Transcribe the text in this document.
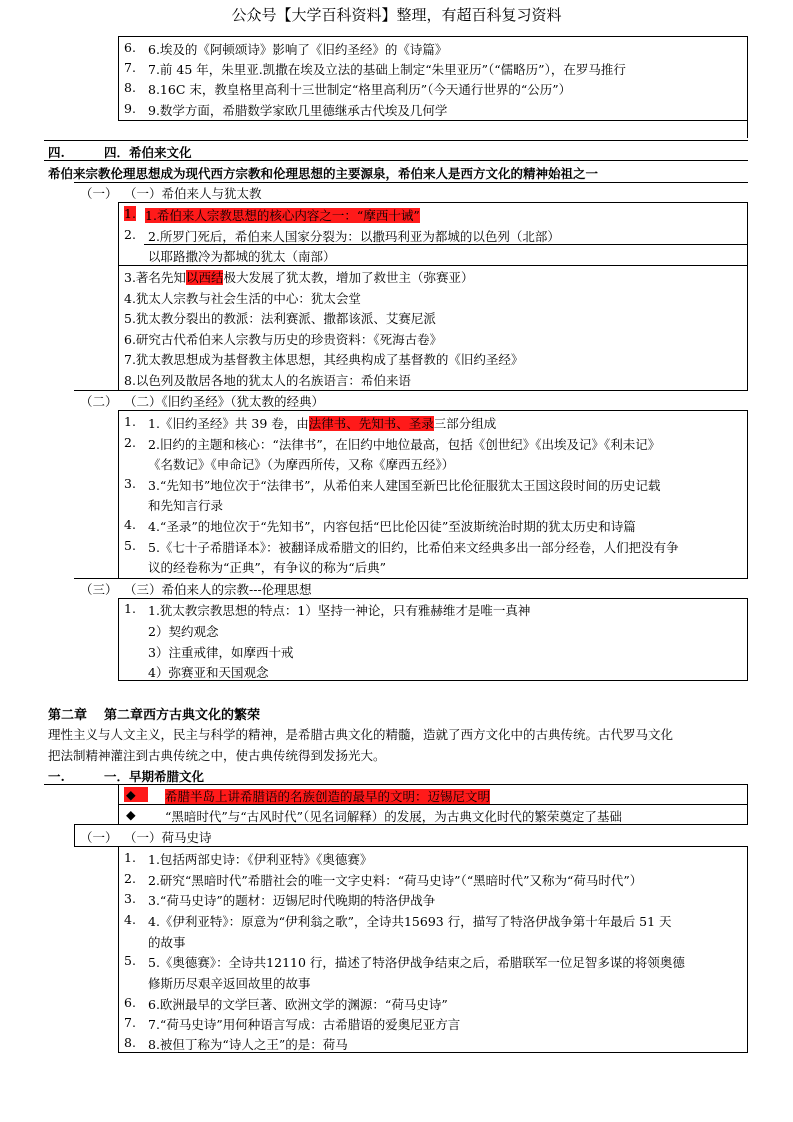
公众号【大学百科资料】整理，有超百科复习资料
6. 6.埃及的《阿顿颂诗》影响了《旧约圣经》的《诗篇》
7. 7.前 45 年，朱里亚.凯撒在埃及立法的基础上制定“朱里亚历”（“儒略历”），在罗马推行
8. 8.16C 末，教皇格里高利十三世制定“格里高利历”（今天通行世界的“公历”）
9. 9.数学方面，希腊数学家欧几里德继承古代埃及几何学
四.	四．希伯来文化
希伯来宗教伦理思想成为现代西方宗教和伦理思想的主要源泉，希伯来人是西方文化的精神始祖之一
（一） （一）希伯来人与犹太教
1. 1.希伯来人宗教思想的核心内容之一：“摩西十诫”
2. 2.所罗门死后，希伯来人国家分裂为：以撒玛利亚为都城的以色列（北部）
以耶路撒冷为都城的犹太（南部）
3.著名先知以西结极大发展了犹太教，增加了救世主（弥赛亚）
4.犹太人宗教与社会生活的中心：犹太会堂
5.犹太教分裂出的教派：法利赛派、撒都该派、艾赛尼派
6.研究古代希伯来人宗教与历史的珍贵资料：《死海古卷》
7.犹太教思想成为基督教主体思想，其经典构成了基督教的《旧约圣经》
8.以色列及散居各地的犹太人的名族语言：希伯来语
（二） （二）《旧约圣经》（犹太教的经典）
1. 1.《旧约圣经》共 39 卷，由法律书、先知书、圣录三部分组成
2. 2.旧约的主题和核心：“法律书”，在旧约中地位最高，包括《创世纪》《出埃及记》《利未记》
《名数记》《申命记》（为摩西所传，又称《摩西五经》）
3. 3.“先知书”地位次于“法律书”，从希伯来人建国至新巴比伦征服犹太王国这段时间的历史记载
和先知言行录
4. 4.“圣录”的地位次于“先知书”，内容包括“巴比伦囚徒”至波斯统治时期的犹太历史和诗篇
5. 5.《七十子希腊译本》：被翻译成希腊文的旧约，比希伯来文经典多出一部分经卷，人们把没有争
议的经卷称为“正典”，有争议的称为“后典”
（三） （三）希伯来人的宗教---伦理思想
1. 1.犹太教宗教思想的特点：1）坚持一神论，只有雅赫维才是唯一真神
2）契约观念
3）注重戒律，如摩西十戒
4）弥赛亚和天国观念
第二章 第二章西方古典文化的繁荣
理性主义与人文主义，民主与科学的精神，是希腊古典文化的精髓，造就了西方文化中的古典传统。古代罗马文化
把法制精神灌注到古典传统之中，使古典传统得到发扬光大。
一.	一．早期希腊文化
◆	希腊半岛上讲希腊语的名族创造的最早的文明：迈锡尼文明
◆ “黑暗时代”与“古风时代”（见名词解释）的发展，为古典文化时代的繁荣奠定了基础
（一） （一）荷马史诗
1. 1.包括两部史诗：《伊利亚特》《奥德赛》
2. 2.研究“黑暗时代”希腊社会的唯一文字史料：“荷马史诗”（“黑暗时代”又称为“荷马时代”）
3. 3.“荷马史诗”的题材：迈锡尼时代晚期的特洛伊战争
4. 4.《伊利亚特》：原意为“伊利翁之歌”，全诗共15693 行，描写了特洛伊战争第十年最后 51 天
的故事
5. 5.《奥德赛》：全诗共12110 行，描述了特洛伊战争结束之后，希腊联军一位足智多谋的将领奥德
修斯历尽艰辛返回故里的故事
6. 6.欧洲最早的文学巨著、欧洲文学的渊源：“荷马史诗”
7. 7.“荷马史诗”用何种语言写成：古希腊语的爱奥尼亚方言
8. 8.被但丁称为“诗人之王”的是：荷马
